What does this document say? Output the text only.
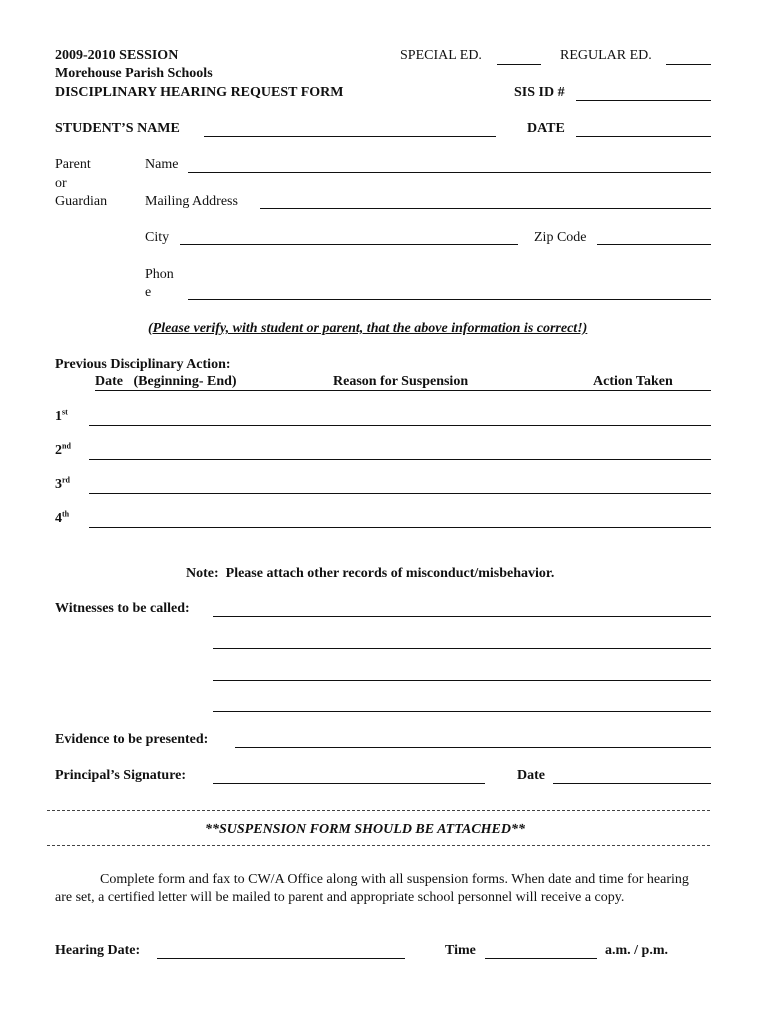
2009-2010 SESSION
Morehouse Parish Schools
DISCIPLINARY HEARING REQUEST FORM
SPECIAL ED.	REGULAR ED.
SIS ID #
STUDENT’S NAME	DATE
Parent
or
Guardian
Name
Mailing Address
City	Zip Code
Phon
e
(Please verify, with student or parent, that the above information is correct!)
Previous Disciplinary Action:
Date   (Beginning- End)	Reason for Suspension	Action Taken
1st
2nd
3rd
4th
Note:  Please attach other records of misconduct/misbehavior.
Witnesses to be called:
Evidence to be presented:
Principal’s Signature:	Date
**SUSPENSION FORM SHOULD BE ATTACHED**
Complete form and fax to CW/A Office along with all suspension forms. When date and time for hearing are set, a certified letter will be mailed to parent and appropriate school personnel will receive a copy.
Hearing Date:	Time	a.m. / p.m.
